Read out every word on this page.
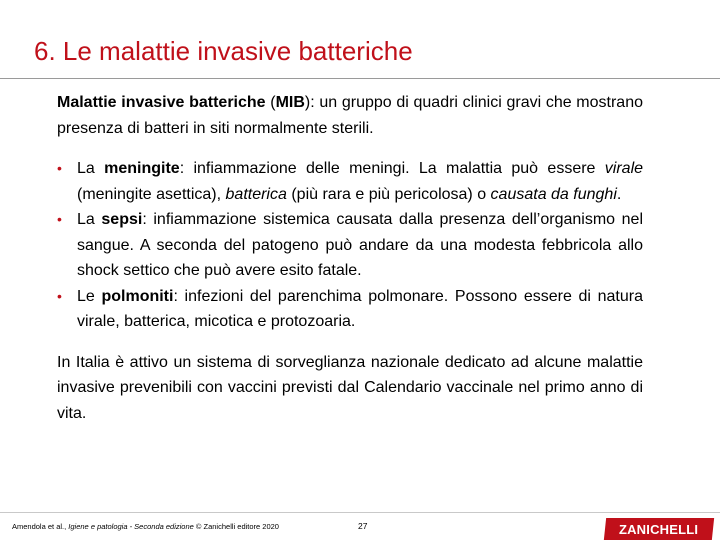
6. Le malattie invasive batteriche

Malattie invasive batteriche (MIB): un gruppo di quadri clinici gravi che mostrano presenza di batteri in siti normalmente sterili.

• La meningite: infiammazione delle meningi. La malattia può essere virale (meningite asettica), batterica (più rara e più pericolosa) o causata da funghi.
• La sepsi: infiammazione sistemica causata dalla presenza dell’organismo nel sangue. A seconda del patogeno può andare da una modesta febbricola allo shock settico che può avere esito fatale.
• Le polmoniti: infezioni del parenchima polmonare. Possono essere di natura virale, batterica, micotica e protozoaria.

In Italia è attivo un sistema di sorveglianza nazionale dedicato ad alcune malattie invasive prevenibili con vaccini previsti dal Calendario vaccinale nel primo anno di vita.

Amendola et al., Igiene e patologia - Seconda edizione © Zanichelli editore 2020	27	ZANICHELLI
